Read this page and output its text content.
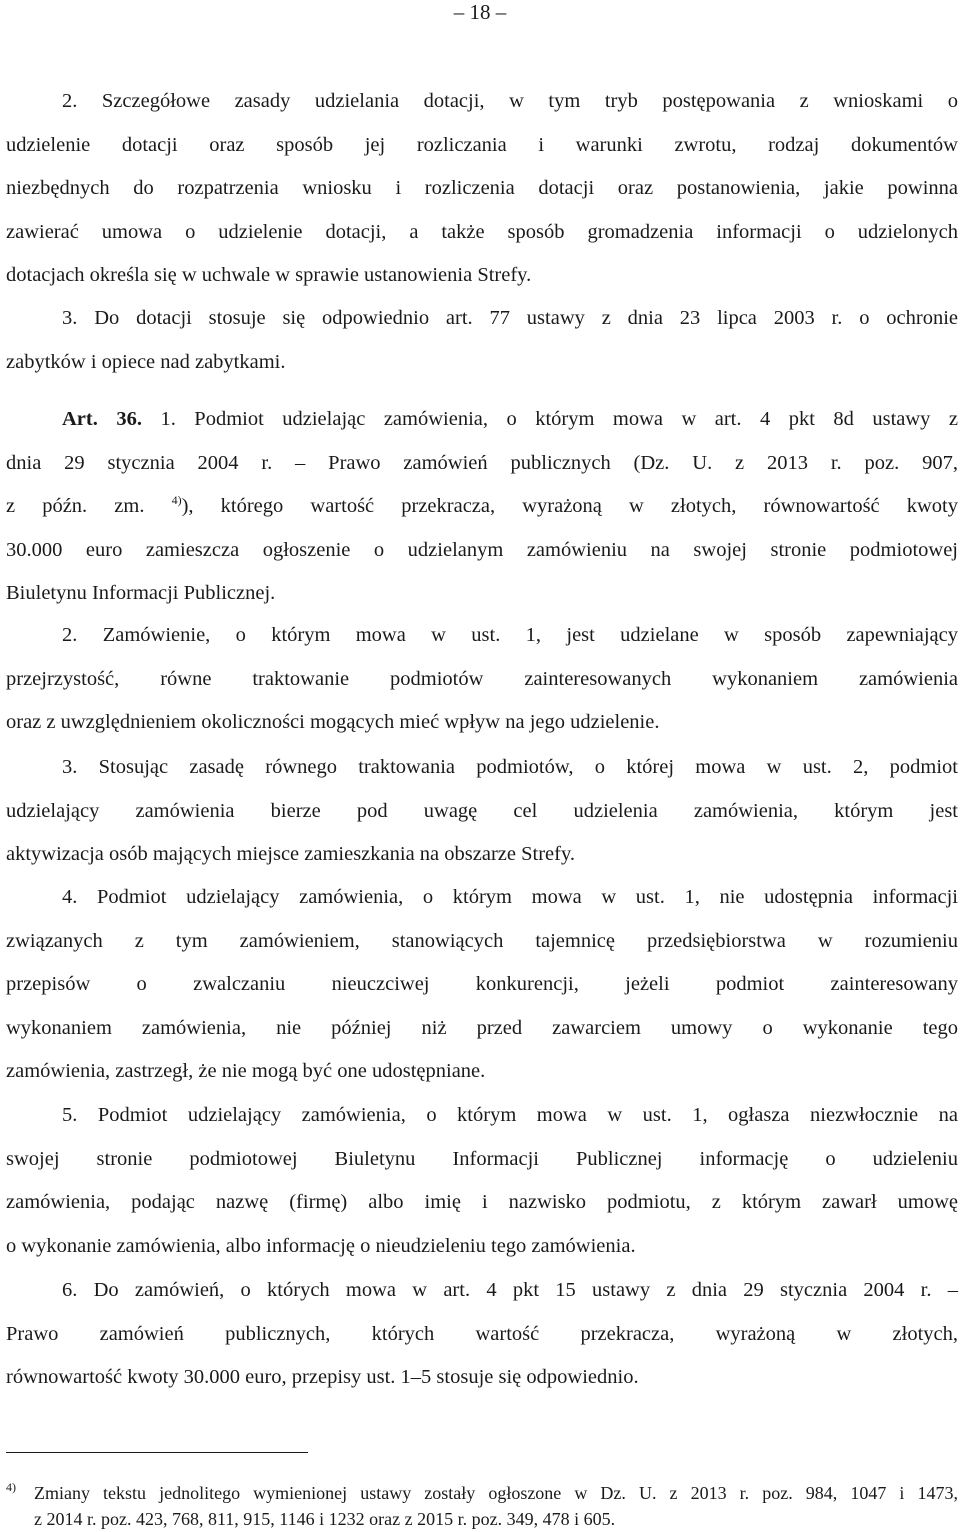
– 18 –
2. Szczegółowe zasady udzielania dotacji, w tym tryb postępowania z wnioskami o
udzielenie dotacji oraz sposób jej rozliczania i warunki zwrotu, rodzaj dokumentów
niezbędnych do rozpatrzenia wniosku i rozliczenia dotacji oraz postanowienia, jakie powinna
zawierać umowa o udzielenie dotacji, a także sposób gromadzenia informacji o udzielonych
dotacjach określa się w uchwale w sprawie ustanowienia Strefy.
3. Do dotacji stosuje się odpowiednio art. 77 ustawy z dnia 23 lipca 2003 r. o ochronie
zabytków i opiece nad zabytkami.
Art. 36. 1. Podmiot udzielając zamówienia, o którym mowa w art. 4 pkt 8d ustawy z
dnia 29 stycznia 2004 r. – Prawo zamówień publicznych (Dz. U. z 2013 r. poz. 907,
z późn. zm. $^{4)}$), którego wartość przekracza, wyrażoną w złotych, równowartość kwoty
30.000 euro zamieszcza ogłoszenie o udzielanym zamówieniu na swojej stronie podmiotowej
Biuletynu Informacji Publicznej.
2. Zamówienie, o którym mowa w ust. 1, jest udzielane w sposób zapewniający
przejrzystość, równe traktowanie podmiotów zainteresowanych wykonaniem zamówienia
oraz z uwzględnieniem okoliczności mogących mieć wpływ na jego udzielenie.
3. Stosując zasadę równego traktowania podmiotów, o której mowa w ust. 2, podmiot
udzielający zamówienia bierze pod uwagę cel udzielenia zamówienia, którym jest
aktywizacja osób mających miejsce zamieszkania na obszarze Strefy.
4. Podmiot udzielający zamówienia, o którym mowa w ust. 1, nie udostępnia informacji
związanych z tym zamówieniem, stanowiących tajemnicę przedsiębiorstwa w rozumieniu
przepisów o zwalczaniu nieuczciwej konkurencji, jeżeli podmiot zainteresowany
wykonaniem zamówienia, nie później niż przed zawarciem umowy o wykonanie tego
zamówienia, zastrzegł, że nie mogą być one udostępniane.
5. Podmiot udzielający zamówienia, o którym mowa w ust. 1, ogłasza niezwłocznie na
swojej stronie podmiotowej Biuletynu Informacji Publicznej informację o udzieleniu
zamówienia, podając nazwę (firmę) albo imię i nazwisko podmiotu, z którym zawarł umowę
o wykonanie zamówienia, albo informację o nieudzieleniu tego zamówienia.
6. Do zamówień, o których mowa w art. 4 pkt 15 ustawy z dnia 29 stycznia 2004 r. –
Prawo zamówień publicznych, których wartość przekracza, wyrażoną w złotych,
równowartość kwoty 30.000 euro, przepisy ust. 1–5 stosuje się odpowiednio.
4) Zmiany tekstu jednolitego wymienionej ustawy zostały ogłoszone w Dz. U. z 2013 r. poz. 984, 1047 i 1473,
z 2014 r. poz. 423, 768, 811, 915, 1146 i 1232 oraz z 2015 r. poz. 349, 478 i 605.
